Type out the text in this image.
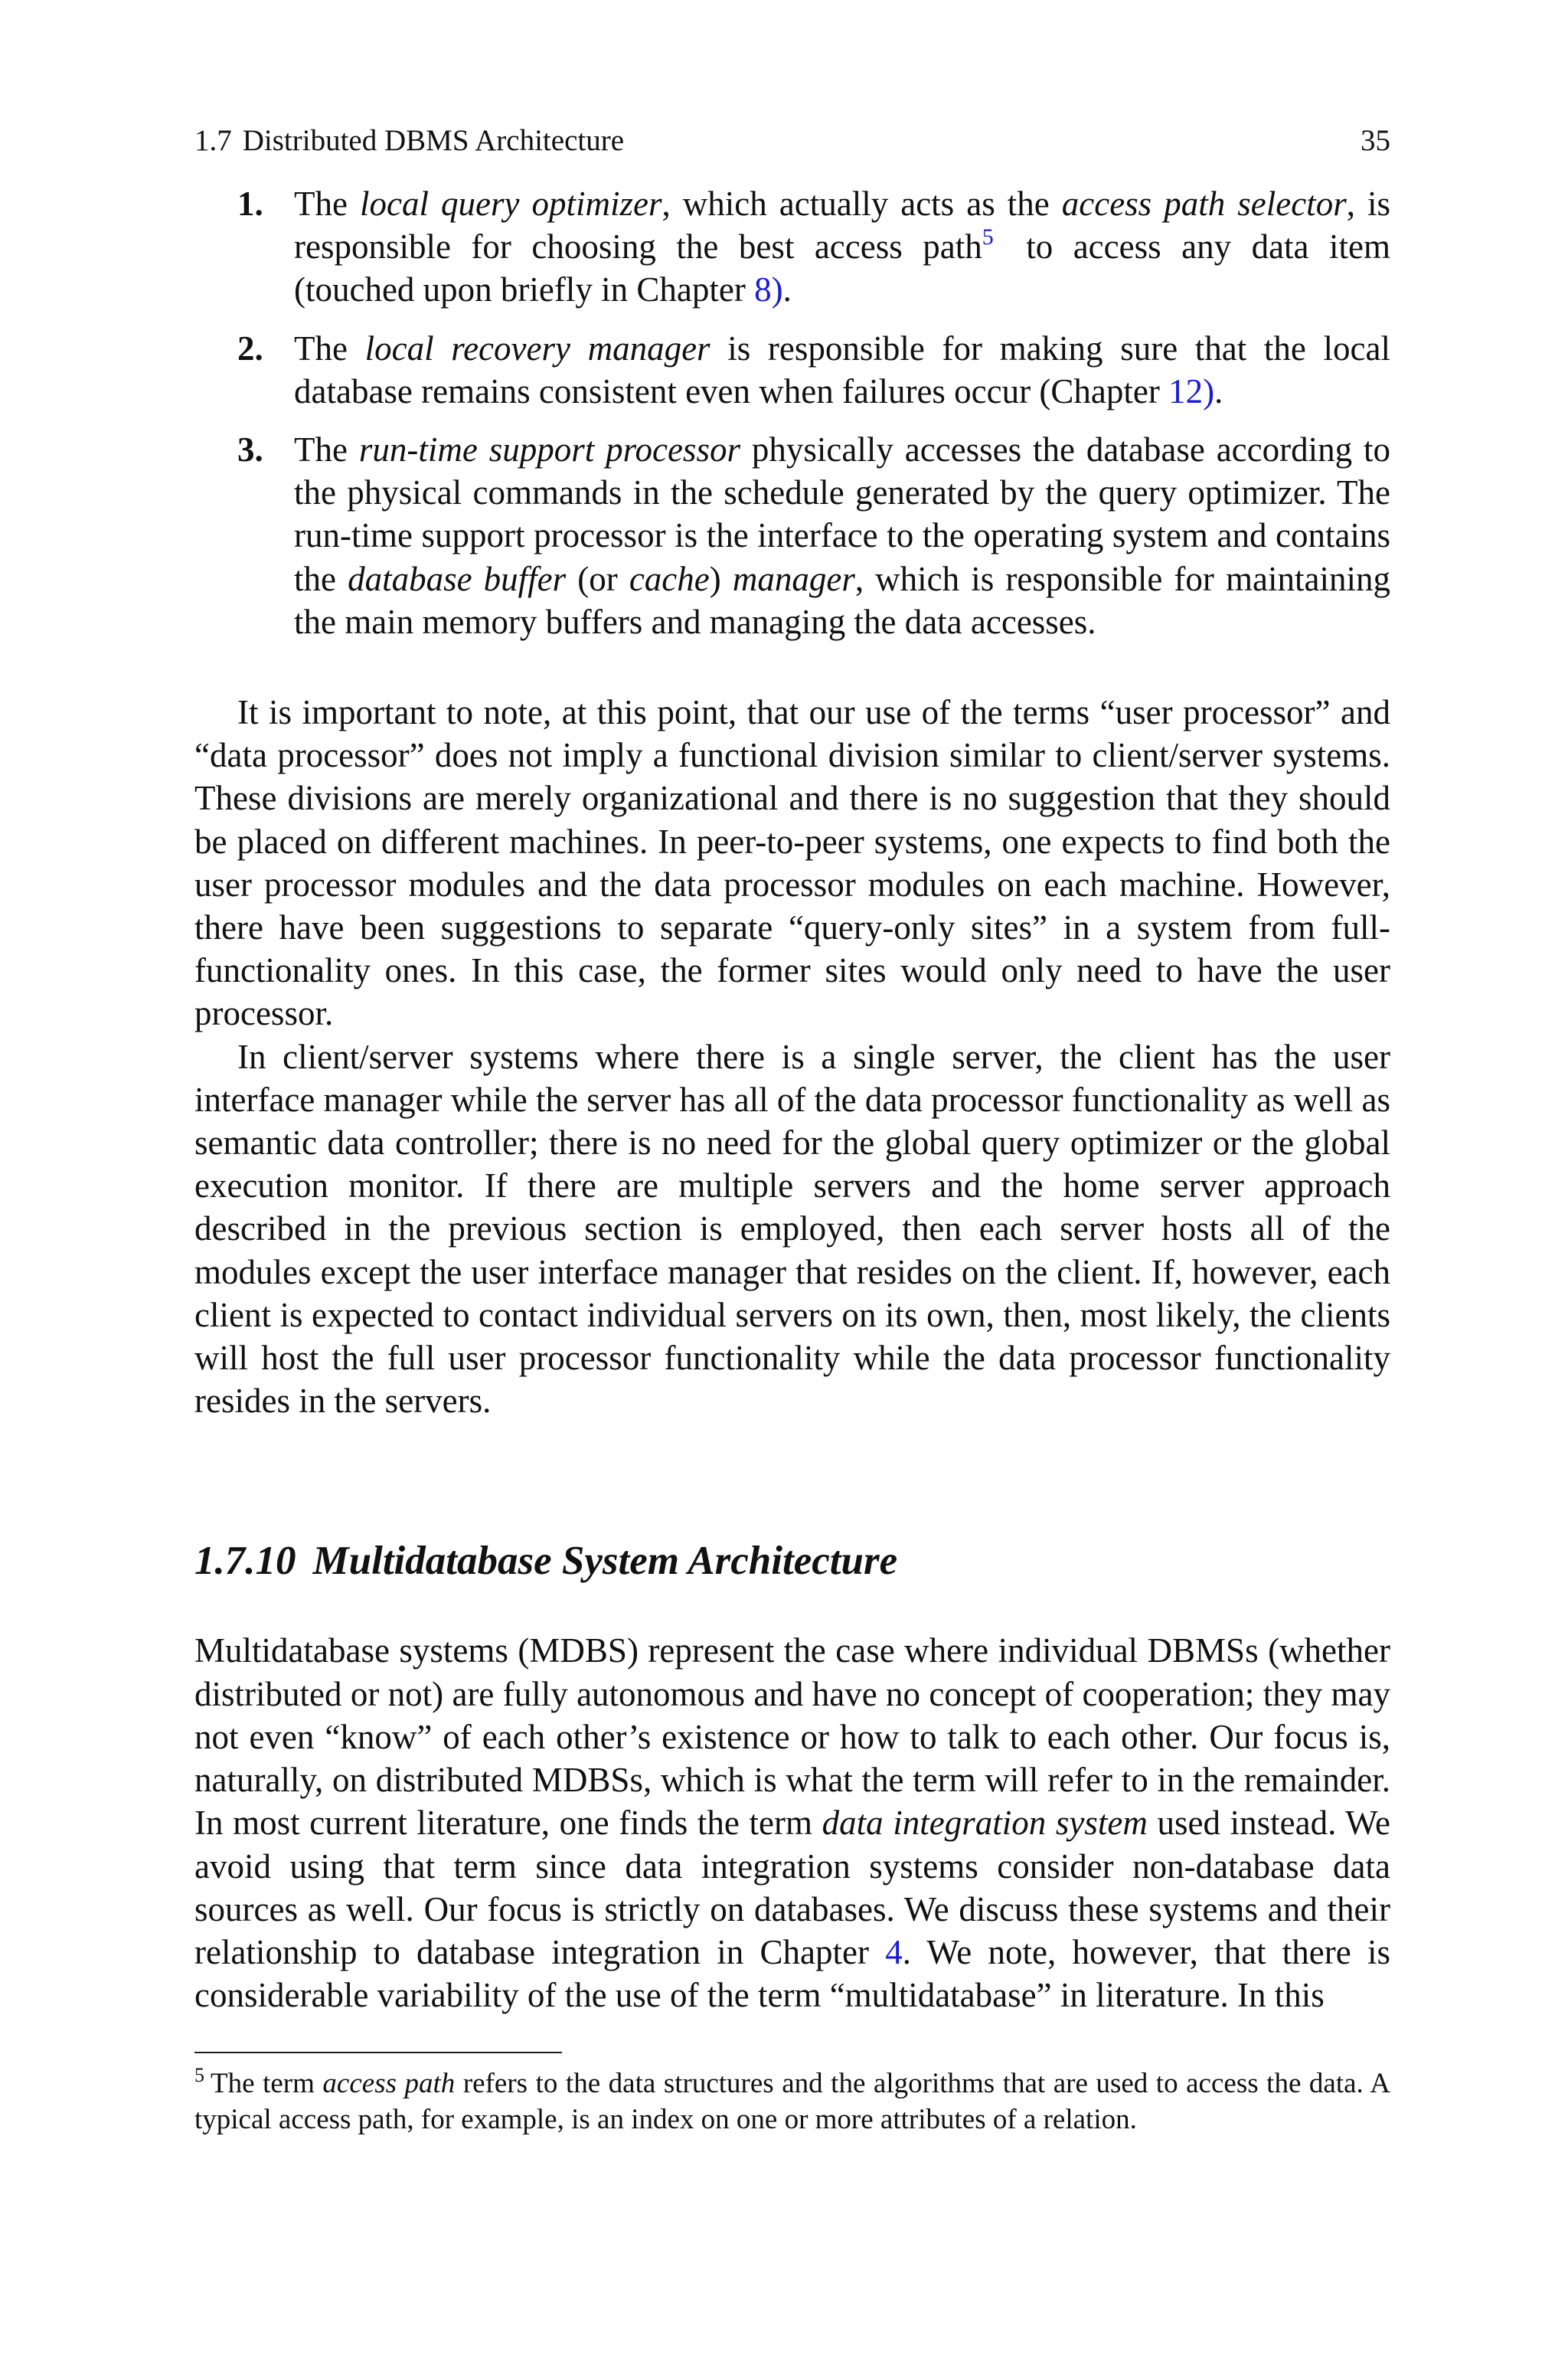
1.7 Distributed DBMS Architecture	35
1. The local query optimizer, which actually acts as the access path selector, is responsible for choosing the best access path$^5$ to access any data item (touched upon briefly in Chapter 8).
2. The local recovery manager is responsible for making sure that the local database remains consistent even when failures occur (Chapter 12).
3. The run-time support processor physically accesses the database according to the physical commands in the schedule generated by the query optimizer. The run-time support processor is the interface to the operating system and contains the database buffer (or cache) manager, which is responsible for maintaining the main memory buffers and managing the data accesses.

It is important to note, at this point, that our use of the terms “user processor” and “data processor” does not imply a functional division similar to client/server systems. These divisions are merely organizational and there is no suggestion that they should be placed on different machines. In peer-to-peer systems, one expects to find both the user processor modules and the data processor modules on each machine. However, there have been suggestions to separate “query-only sites” in a system from full-functionality ones. In this case, the former sites would only need to have the user processor.

In client/server systems where there is a single server, the client has the user interface manager while the server has all of the data processor functionality as well as semantic data controller; there is no need for the global query optimizer or the global execution monitor. If there are multiple servers and the home server approach described in the previous section is employed, then each server hosts all of the modules except the user interface manager that resides on the client. If, however, each client is expected to contact individual servers on its own, then, most likely, the clients will host the full user processor functionality while the data processor functionality resides in the servers.

1.7.10 Multidatabase System Architecture

Multidatabase systems (MDBS) represent the case where individual DBMSs (whether distributed or not) are fully autonomous and have no concept of cooperation; they may not even “know” of each other’s existence or how to talk to each other. Our focus is, naturally, on distributed MDBSs, which is what the term will refer to in the remainder. In most current literature, one finds the term data integration system used instead. We avoid using that term since data integration systems consider non-database data sources as well. Our focus is strictly on databases. We discuss these systems and their relationship to database integration in Chapter 4. We note, however, that there is considerable variability of the use of the term “multidatabase” in literature. In this

$^5$ The term access path refers to the data structures and the algorithms that are used to access the data. A typical access path, for example, is an index on one or more attributes of a relation.
